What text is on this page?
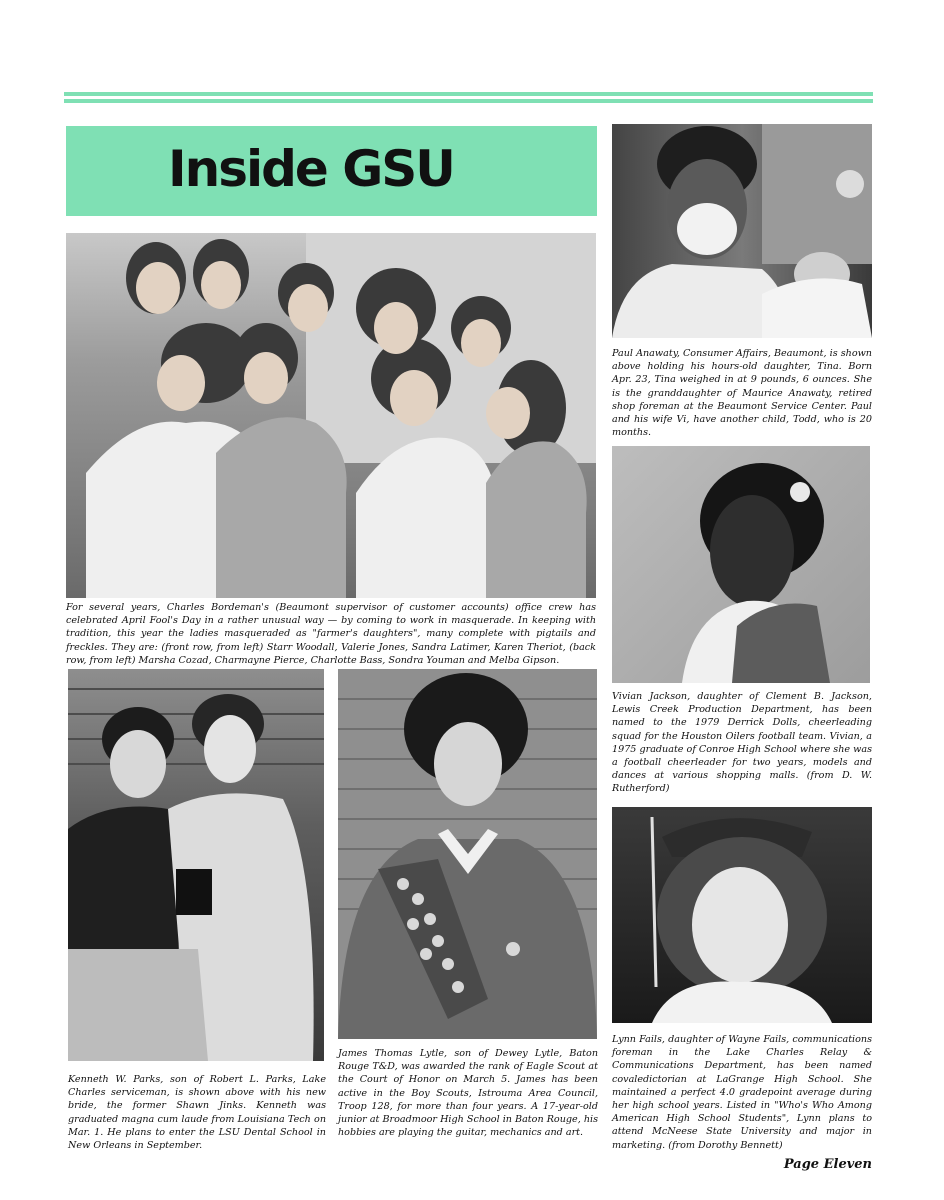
Inside GSU

For several years, Charles Bordeman's (Beaumont supervisor of customer accounts) office crew has celebrated April Fool's Day in a rather unusual way — by coming to work in masquerade. In keeping with tradition, this year the ladies masqueraded as "farmer's daughters", many complete with pigtails and freckles. They are: (front row, from left) Starr Woodall, Valerie Jones, Sandra Latimer, Karen Theriot, (back row, from left) Marsha Cozad, Charmayne Pierce, Charlotte Bass, Sondra Youman and Melba Gipson.

Paul Anawaty, Consumer Affairs, Beaumont, is shown above holding his hours-old daughter, Tina. Born Apr. 23, Tina weighed in at 9 pounds, 6 ounces. She is the granddaughter of Maurice Anawaty, retired shop foreman at the Beaumont Service Center. Paul and his wife Vi, have another child, Todd, who is 20 months.

Vivian Jackson, daughter of Clement B. Jackson, Lewis Creek Production Department, has been named to the 1979 Derrick Dolls, cheerleading squad for the Houston Oilers football team. Vivian, a 1975 graduate of Conroe High School where she was a football cheerleader for two years, models and dances at various shopping malls. (from D. W. Rutherford)

Kenneth W. Parks, son of Robert L. Parks, Lake Charles serviceman, is shown above with his new bride, the former Shawn Jinks. Kenneth was graduated magna cum laude from Louisiana Tech on Mar. 1. He plans to enter the LSU Dental School in New Orleans in September.

James Thomas Lytle, son of Dewey Lytle, Baton Rouge T&D, was awarded the rank of Eagle Scout at the Court of Honor on March 5. James has been active in the Boy Scouts, Istrouma Area Council, Troop 128, for more than four years. A 17-year-old junior at Broadmoor High School in Baton Rouge, his hobbies are playing the guitar, mechanics and art.

Lynn Fails, daughter of Wayne Fails, communications foreman in the Lake Charles Relay & Communications Department, has been named covaledictorian at LaGrange High School. She maintained a perfect 4.0 gradepoint average during her high school years. Listed in "Who's Who Among American High School Students", Lynn plans to attend McNeese State University and major in marketing. (from Dorothy Bennett)

Page Eleven
